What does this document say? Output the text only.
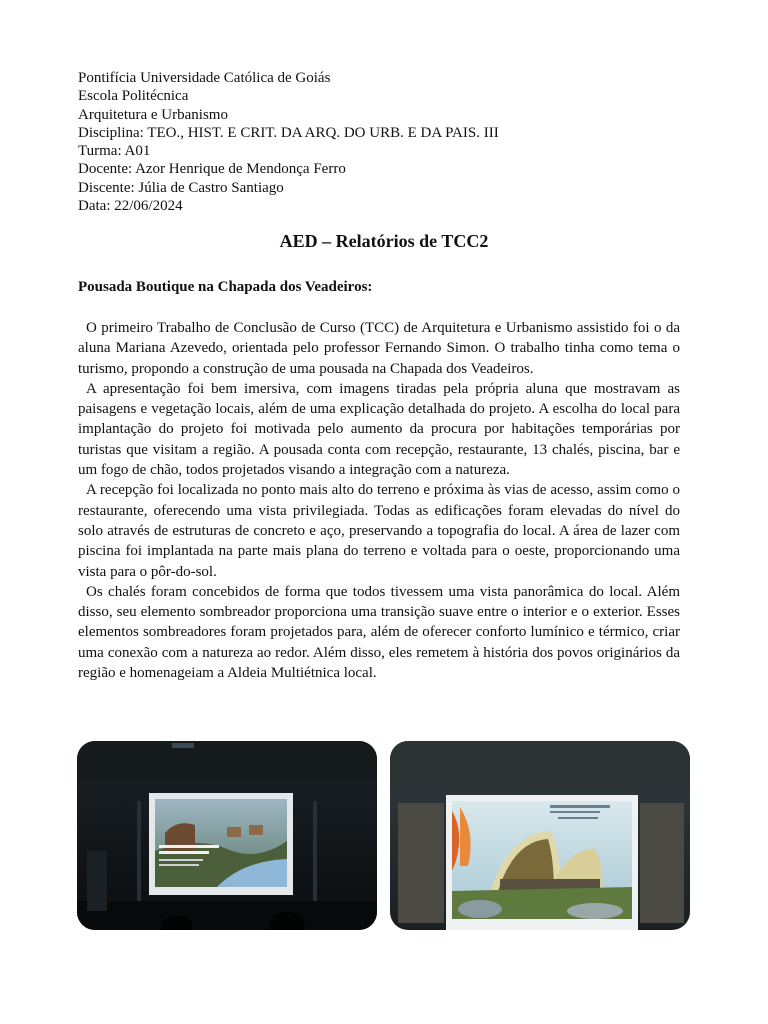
Pontifícia Universidade Católica de Goiás
Escola Politécnica
Arquitetura e Urbanismo
Disciplina: TEO., HIST. E CRIT. DA ARQ. DO URB. E DA PAIS. III
Turma: A01
Docente: Azor Henrique de Mendonça Ferro
Discente: Júlia de Castro Santiago
Data: 22/06/2024
AED – Relatórios de TCC2
Pousada Boutique na Chapada dos Veadeiros:

O primeiro Trabalho de Conclusão de Curso (TCC) de Arquitetura e Urbanismo assistido foi o da aluna Mariana Azevedo, orientada pelo professor Fernando Simon. O trabalho tinha como tema o turismo, propondo a construção de uma pousada na Chapada dos Veadeiros.

A apresentação foi bem imersiva, com imagens tiradas pela própria aluna que mostravam as paisagens e vegetação locais, além de uma explicação detalhada do projeto. A escolha do local para implantação do projeto foi motivada pelo aumento da procura por habitações temporárias por turistas que visitam a região. A pousada conta com recepção, restaurante, 13 chalés, piscina, bar e um fogo de chão, todos projetados visando a integração com a natureza.

A recepção foi localizada no ponto mais alto do terreno e próxima às vias de acesso, assim como o restaurante, oferecendo uma vista privilegiada. Todas as edificações foram elevadas do nível do solo através de estruturas de concreto e aço, preservando a topografia do local. A área de lazer com piscina foi implantada na parte mais plana do terreno e voltada para o oeste, proporcionando uma vista para o pôr-do-sol.

Os chalés foram concebidos de forma que todos tivessem uma vista panorâmica do local. Além disso, seu elemento sombreador proporciona uma transição suave entre o interior e o exterior. Esses elementos sombreadores foram projetados para, além de oferecer conforto lumínico e térmico, criar uma conexão com a natureza ao redor. Além disso, eles remetem à história dos povos originários da região e homenageiam a Aldeia Multiétnica local.
